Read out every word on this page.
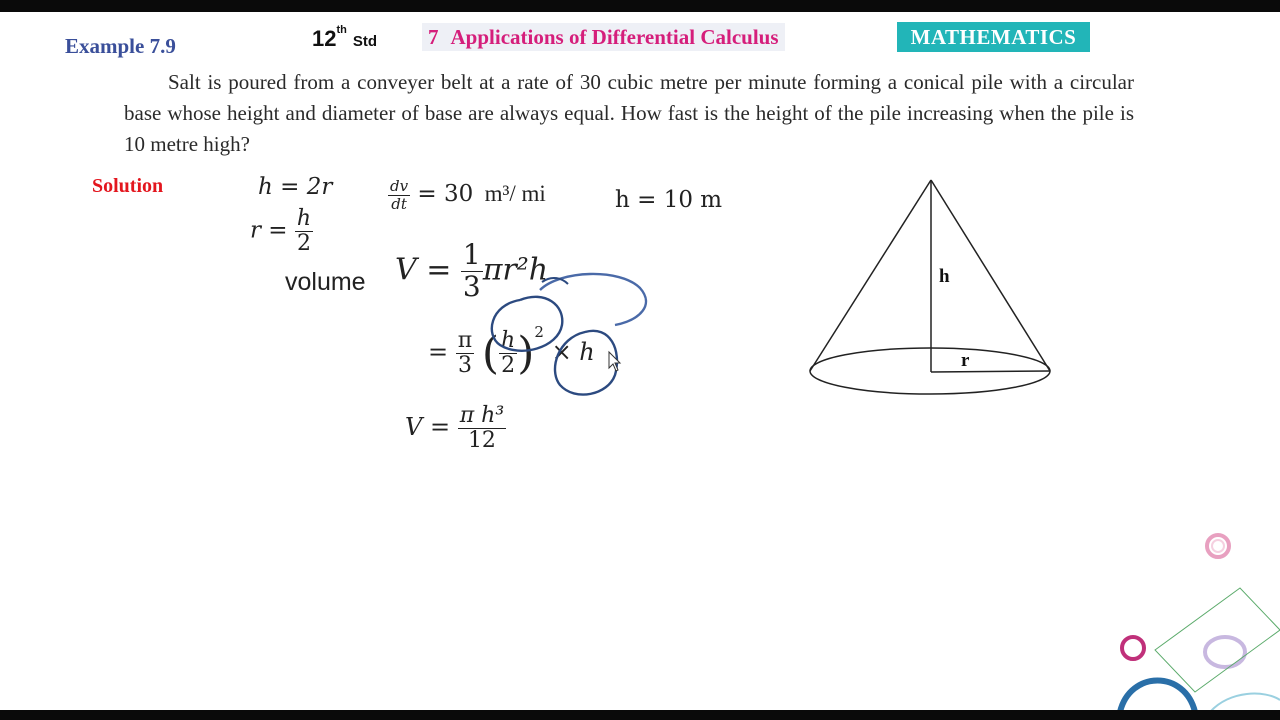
Example 7.9	12thStd 7 Applications of Differential Calculus	MATHEMATICS

Salt is poured from a conveyer belt at a rate of 30 cubic metre per minute forming a conical pile with a circular base whose height and diameter of base are always equal. How fast is the height of the pile increasing when the pile is 10 metre high?

Solution	h = 2r	$\frac{dv}{dt} = 30$ m³/ mi	h = 10 m
$r = \frac{h}{2}$
volume $V = \frac{1}{3} \pi r^2h$
= $\frac{\pi}{3}$ ( $\frac{h}{2} )^2 \times h$
$V = \frac{\text{π h³}}{12}$
h
r
